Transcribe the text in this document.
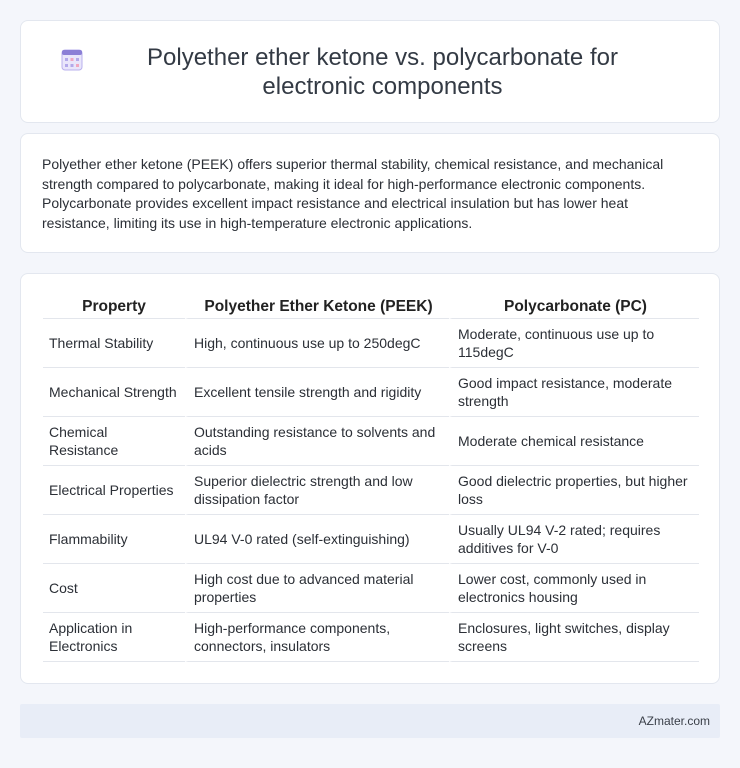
Polyether ether ketone vs. polycarbonate for electronic components

Polyether ether ketone (PEEK) offers superior thermal stability, chemical resistance, and mechanical strength compared to polycarbonate, making it ideal for high-performance electronic components. Polycarbonate provides excellent impact resistance and electrical insulation but has lower heat resistance, limiting its use in high-temperature electronic applications.

Property	Polyether Ether Ketone (PEEK)	Polycarbonate (PC)
Thermal Stability	High, continuous use up to 250degC	Moderate, continuous use up to 115degC
Mechanical Strength	Excellent tensile strength and rigidity	Good impact resistance, moderate strength
Chemical Resistance	Outstanding resistance to solvents and acids	Moderate chemical resistance
Electrical Properties	Superior dielectric strength and low dissipation factor	Good dielectric properties, but higher loss
Flammability	UL94 V-0 rated (self-extinguishing)	Usually UL94 V-2 rated; requires additives for V-0
Cost	High cost due to advanced material properties	Lower cost, commonly used in electronics housing
Application in Electronics	High-performance components, connectors, insulators	Enclosures, light switches, display screens
AZmater.com
